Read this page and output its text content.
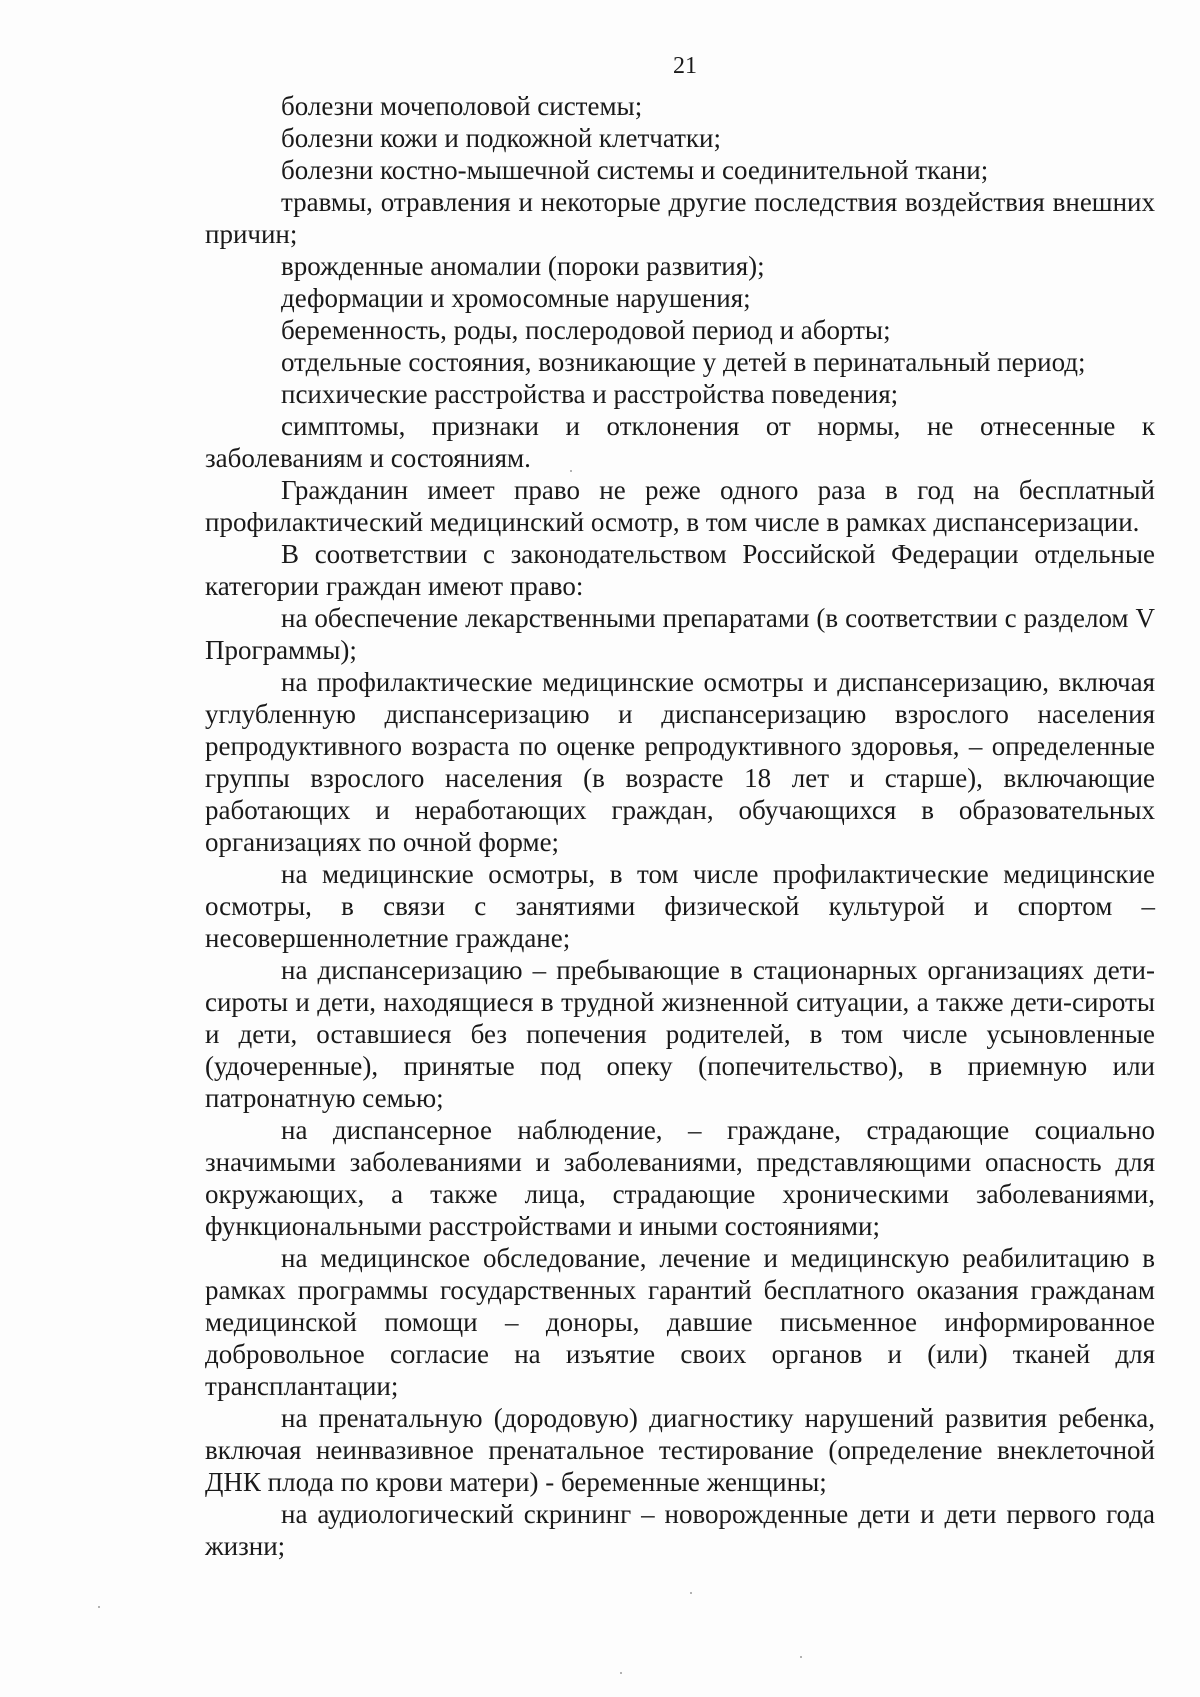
21

болезни мочеполовой системы;

болезни кожи и подкожной клетчатки;

болезни костно-мышечной системы и соединительной ткани;

травмы, отравления и некоторые другие последствия воздействия внешних причин;

врожденные аномалии (пороки развития);

деформации и хромосомные нарушения;

беременность, роды, послеродовой период и аборты;

отдельные состояния, возникающие у детей в перинатальный период;

психические расстройства и расстройства поведения;

симптомы, признаки и отклонения от нормы, не отнесенные к заболеваниям и состояниям.

Гражданин имеет право не реже одного раза в год на бесплатный профилактический медицинский осмотр, в том числе в рамках диспансеризации.

В соответствии с законодательством Российской Федерации отдельные категории граждан имеют право:

на обеспечение лекарственными препаратами (в соответствии с разделом V Программы);

на профилактические медицинские осмотры и диспансеризацию, включая углубленную диспансеризацию и диспансеризацию взрослого населения репродуктивного возраста по оценке репродуктивного здоровья, – определенные группы взрослого населения (в возрасте 18 лет и старше), включающие работающих и неработающих граждан, обучающихся в образовательных организациях по очной форме;

на медицинские осмотры, в том числе профилактические медицинские осмотры, в связи с занятиями физической культурой и спортом – несовершеннолетние граждане;

на диспансеризацию – пребывающие в стационарных организациях дети-сироты и дети, находящиеся в трудной жизненной ситуации, а также дети-сироты и дети, оставшиеся без попечения родителей, в том числе усыновленные (удочеренные), принятые под опеку (попечительство), в приемную или патронатную семью;

на диспансерное наблюдение, – граждане, страдающие социально значимыми заболеваниями и заболеваниями, представляющими опасность для окружающих, а также лица, страдающие хроническими заболеваниями, функциональными расстройствами и иными состояниями;

на медицинское обследование, лечение и медицинскую реабилитацию в рамках программы государственных гарантий бесплатного оказания гражданам медицинской помощи – доноры, давшие письменное информированное добровольное согласие на изъятие своих органов и (или) тканей для трансплантации;

на пренатальную (дородовую) диагностику нарушений развития ребенка, включая неинвазивное пренатальное тестирование (определение внеклеточной ДНК плода по крови матери) - беременные женщины;

на аудиологический скрининг – новорожденные дети и дети первого года жизни;
